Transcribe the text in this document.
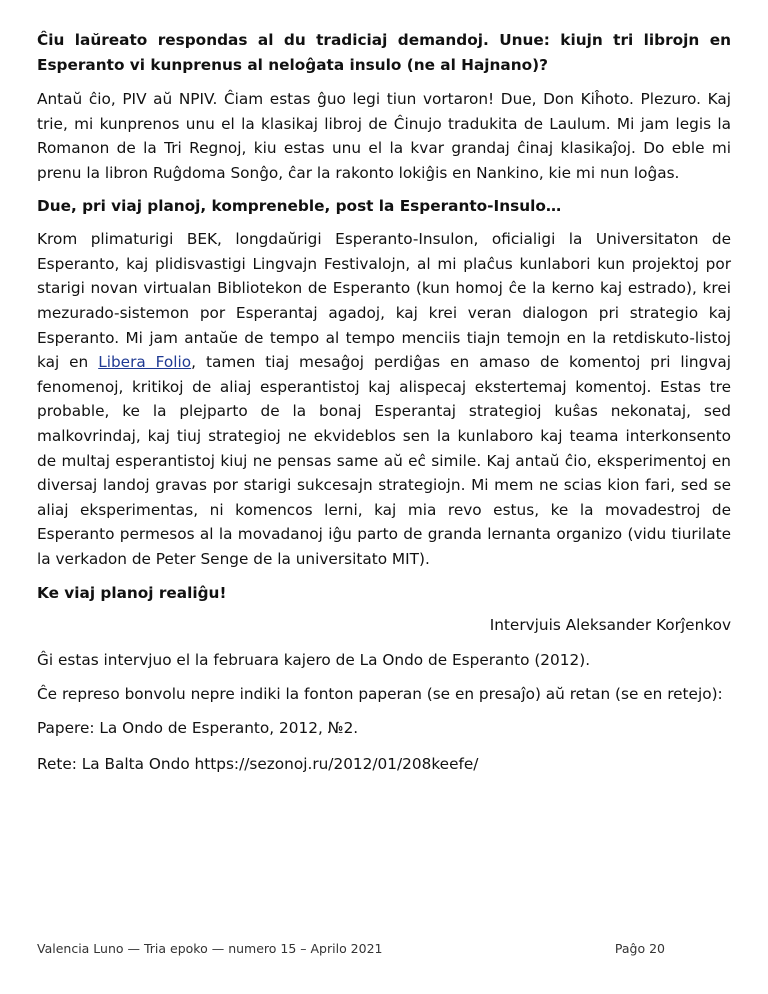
Ĉiu laŭreato respondas al du tradiciaj demandoj. Unue: kiujn tri librojn en Esperanto vi kunprenus al neloĝata insulo (ne al Hajnano)?

Antaŭ ĉio, PIV aŭ NPIV. Ĉiam estas ĝuo legi tiun vortaron! Due, Don Kiĥoto. Plezuro. Kaj trie, mi kunprenos unu el la klasikaj libroj de Ĉinujo tradukita de Laulum. Mi jam legis la Romanon de la Tri Regnoj, kiu estas unu el la kvar grandaj ĉinaj klasikaĵoj. Do eble mi prenu la libron Ruĝdoma Sonĝo, ĉar la rakonto lokiĝis en Nankino, kie mi nun loĝas.

Due, pri viaj planoj, kompreneble, post la Esperanto-Insulo…

Krom plimaturigi BEK, longdaŭrigi Esperanto-Insulon, oficialigi la Universitaton de Esperanto, kaj plidisvastigi Lingvajn Festivalojn, al mi plaĉus kunlabori kun projektoj por starigi novan virtualan Bibliotekon de Esperanto (kun homoj ĉe la kerno kaj estrado), krei mezurado-sistemon por Esperantaj agadoj, kaj krei veran dialogon pri strategio kaj Esperanto. Mi jam antaŭe de tempo al tempo menciis tiajn temojn en la retdiskuto-listoj kaj en Libera Folio, tamen tiaj mesaĝoj perdiĝas en amaso de komentoj pri lingvaj fenomenoj, kritikoj de aliaj esperantistoj kaj alispecaj ekstertemaj komentoj. Estas tre probable, ke la plejparto de la bonaj Esperantaj strategioj kuŝas nekonataj, sed malkovrindaj, kaj tiuj strategioj ne ekvideblos sen la kunlaboro kaj teama interkonsento de multaj esperantistoj kiuj ne pensas same aŭ eĉ simile. Kaj antaŭ ĉio, eksperimentoj en diversaj landoj gravas por starigi sukcesajn strategiojn. Mi mem ne scias kion fari, sed se aliaj eksperimentas, ni komencos lerni, kaj mia revo estus, ke la movadestroj de Esperanto permesos al la movadanoj iĝu parto de granda lernanta organizo (vidu tiurilate la verkadon de Peter Senge de la universitato MIT).

Ke viaj planoj realiĝu!

Intervjuis Aleksander Korĵenkov

Ĝi estas intervjuo el la februara kajero de La Ondo de Esperanto (2012).

Ĉe represo bonvolu nepre indiki la fonton paperan (se en presaĵo) aŭ retan (se en retejo):

Papere: La Ondo de Esperanto, 2012, №2.

Rete: La Balta Ondo https://sezonoj.ru/2012/01/208keefe/

Valencia Luno — Tria epoko — numero 15 – Aprilo 2021	Paĝo 20
